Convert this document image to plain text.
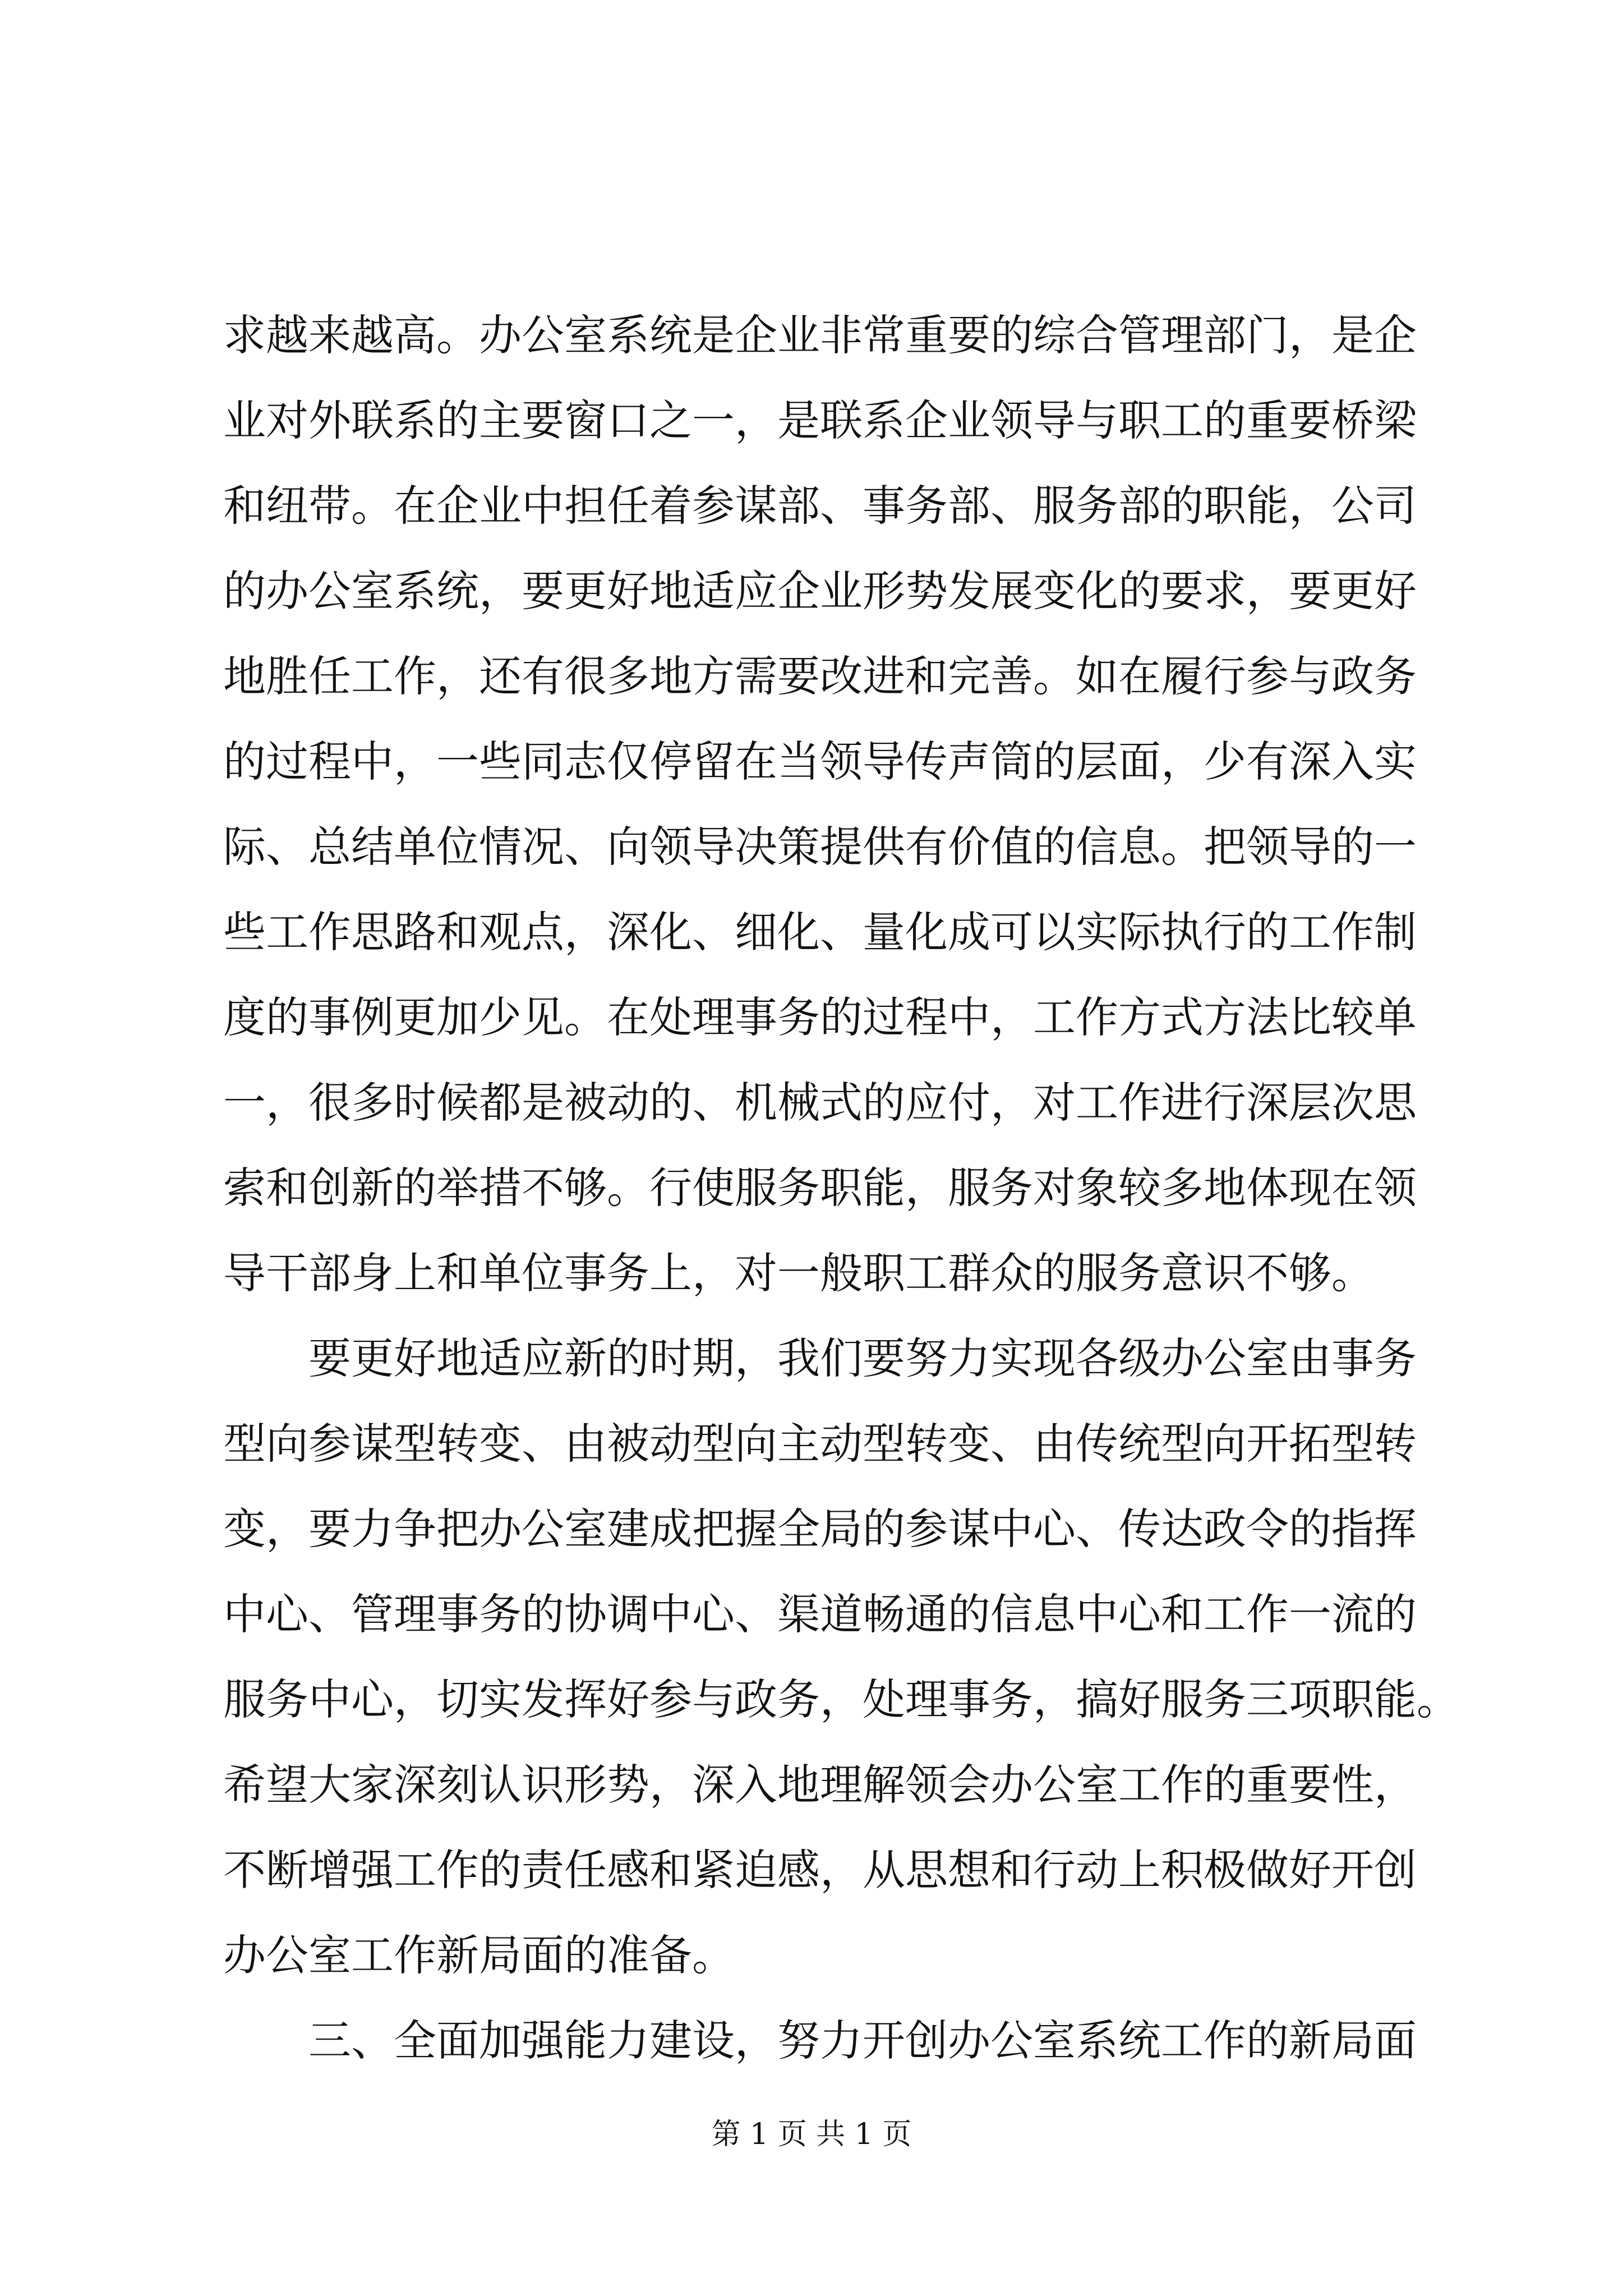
求越来越高。办公室系统是企业非常重要的综合管理部门，是企
业对外联系的主要窗口之一，是联系企业领导与职工的重要桥梁
和纽带。在企业中担任着参谋部、事务部、服务部的职能，公司
的办公室系统，要更好地适应企业形势发展变化的要求，要更好
地胜任工作，还有很多地方需要改进和完善。如在履行参与政务
的过程中，一些同志仅停留在当领导传声筒的层面，少有深入实
际、总结单位情况、向领导决策提供有价值的信息。把领导的一
些工作思路和观点，深化、细化、量化成可以实际执行的工作制
度的事例更加少见。在处理事务的过程中，工作方式方法比较单
一，很多时候都是被动的、机械式的应付，对工作进行深层次思
索和创新的举措不够。行使服务职能，服务对象较多地体现在领
导干部身上和单位事务上，对一般职工群众的服务意识不够。
要更好地适应新的时期，我们要努力实现各级办公室由事务
型向参谋型转变、由被动型向主动型转变、由传统型向开拓型转
变，要力争把办公室建成把握全局的参谋中心、传达政令的指挥
中心、管理事务的协调中心、渠道畅通的信息中心和工作一流的
服务中心，切实发挥好参与政务，处理事务，搞好服务三项职能。
希望大家深刻认识形势，深入地理解领会办公室工作的重要性，
不断增强工作的责任感和紧迫感，从思想和行动上积极做好开创
办公室工作新局面的准备。
三、全面加强能力建设，努力开创办公室系统工作的新局面
第 1 页 共 1 页
